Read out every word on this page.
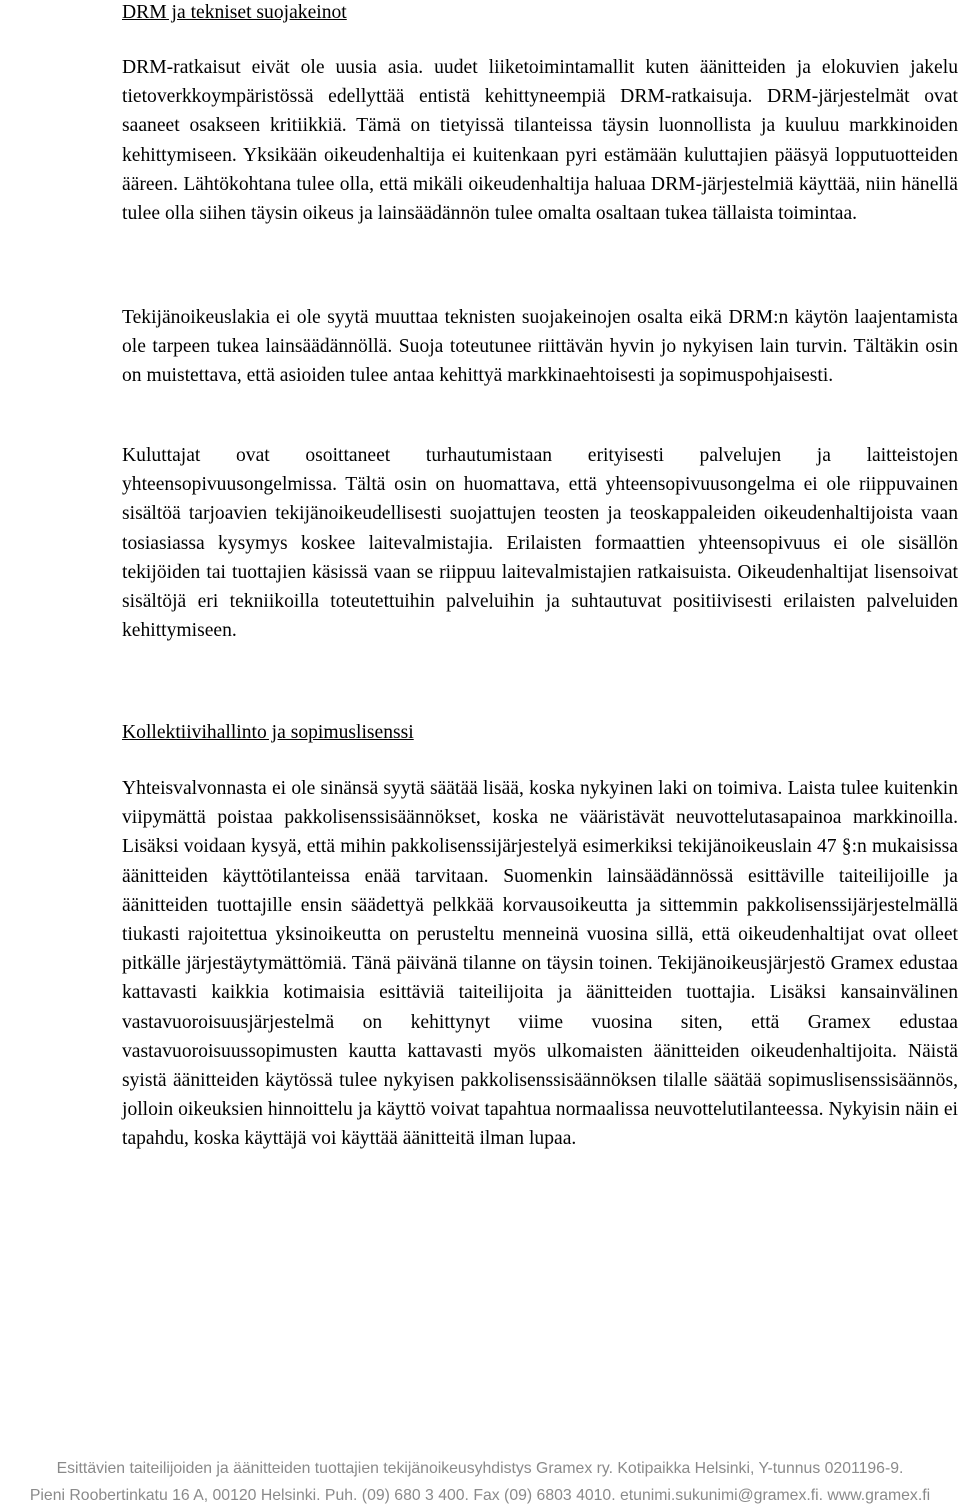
DRM ja tekniset suojakeinot

DRM-ratkaisut eivät ole uusia asia. uudet liiketoimintamallit kuten äänitteiden ja elokuvien jakelu tietoverkkoympäristössä edellyttää entistä kehittyneempiä DRM-ratkaisuja. DRM-järjestelmät ovat saaneet osakseen kritiikkiä. Tämä on tietyissä tilanteissa täysin luonnollista ja kuuluu markkinoiden kehittymiseen. Yksikään oikeudenhaltija ei kuitenkaan pyri estämään kuluttajien pääsyä lopputuotteiden ääreen. Lähtökohtana tulee olla, että mikäli oikeudenhaltija haluaa DRM-järjestelmiä käyttää, niin hänellä tulee olla siihen täysin oikeus ja lainsäädännön tulee omalta osaltaan tukea tällaista toimintaa.

Tekijänoikeuslakia ei ole syytä muuttaa teknisten suojakeinojen osalta eikä DRM:n käytön laajentamista ole tarpeen tukea lainsäädännöllä. Suoja toteutunee riittävän hyvin jo nykyisen lain turvin. Tältäkin osin on muistettava, että asioiden tulee antaa kehittyä markkinaehtoisesti ja sopimuspohjaisesti.

Kuluttajat ovat osoittaneet turhautumistaan erityisesti palvelujen ja laitteistojen yhteensopivuusongelmissa. Tältä osin on huomattava, että yhteensopivuusongelma ei ole riippuvainen sisältöä tarjoavien tekijänoikeudellisesti suojattujen teosten ja teoskappaleiden oikeudenhaltijoista vaan tosiasiassa kysymys koskee laitevalmistajia. Erilaisten formaattien yhteensopivuus ei ole sisällön tekijöiden tai tuottajien käsissä vaan se riippuu laitevalmistajien ratkaisuista. Oikeudenhaltijat lisensoivat sisältöjä eri tekniikoilla toteutettuihin palveluihin ja suhtautuvat positiivisesti erilaisten palveluiden kehittymiseen.

Kollektiivihallinto ja sopimuslisenssi

Yhteisvalvonnasta ei ole sinänsä syytä säätää lisää, koska nykyinen laki on toimiva. Laista tulee kuitenkin viipymättä poistaa pakkolisenssisäännökset, koska ne vääristävät neuvottelutasapainoa markkinoilla. Lisäksi voidaan kysyä, että mihin pakkolisenssijärjestelyä esimerkiksi tekijänoikeuslain 47 §:n mukaisissa äänitteiden käyttötilanteissa enää tarvitaan. Suomenkin lainsäädännössä esittäville taiteilijoille ja äänitteiden tuottajille ensin säädettyä pelkkää korvausoikeutta ja sittemmin pakkolisenssijärjestelmällä tiukasti rajoitettua yksinoikeutta on perusteltu menneinä vuosina sillä, että oikeudenhaltijat ovat olleet pitkälle järjestäytymättömiä. Tänä päivänä tilanne on täysin toinen. Tekijänoikeusjärjestö Gramex edustaa kattavasti kaikkia kotimaisia esittäviä taiteilijoita ja äänitteiden tuottajia. Lisäksi kansainvälinen vastavuoroisuusjärjestelmä on kehittynyt viime vuosina siten, että Gramex edustaa vastavuoroisuussopimusten kautta kattavasti myös ulkomaisten äänitteiden oikeudenhaltijoita. Näistä syistä äänitteiden käytössä tulee nykyisen pakkolisenssisäännöksen tilalle säätää sopimuslisenssisäännös, jolloin oikeuksien hinnoittelu ja käyttö voivat tapahtua normaalissa neuvottelutilanteessa. Nykyisin näin ei tapahdu, koska käyttäjä voi käyttää äänitteitä ilman lupaa.

Esittävien taiteilijoiden ja äänitteiden tuottajien tekijänoikeusyhdistys Gramex ry. Kotipaikka Helsinki, Y-tunnus 0201196-9.
Pieni Roobertinkatu 16 A, 00120 Helsinki. Puh. (09) 680 3 400. Fax (09) 6803 4010. etunimi.sukunimi@gramex.fi. www.gramex.fi
